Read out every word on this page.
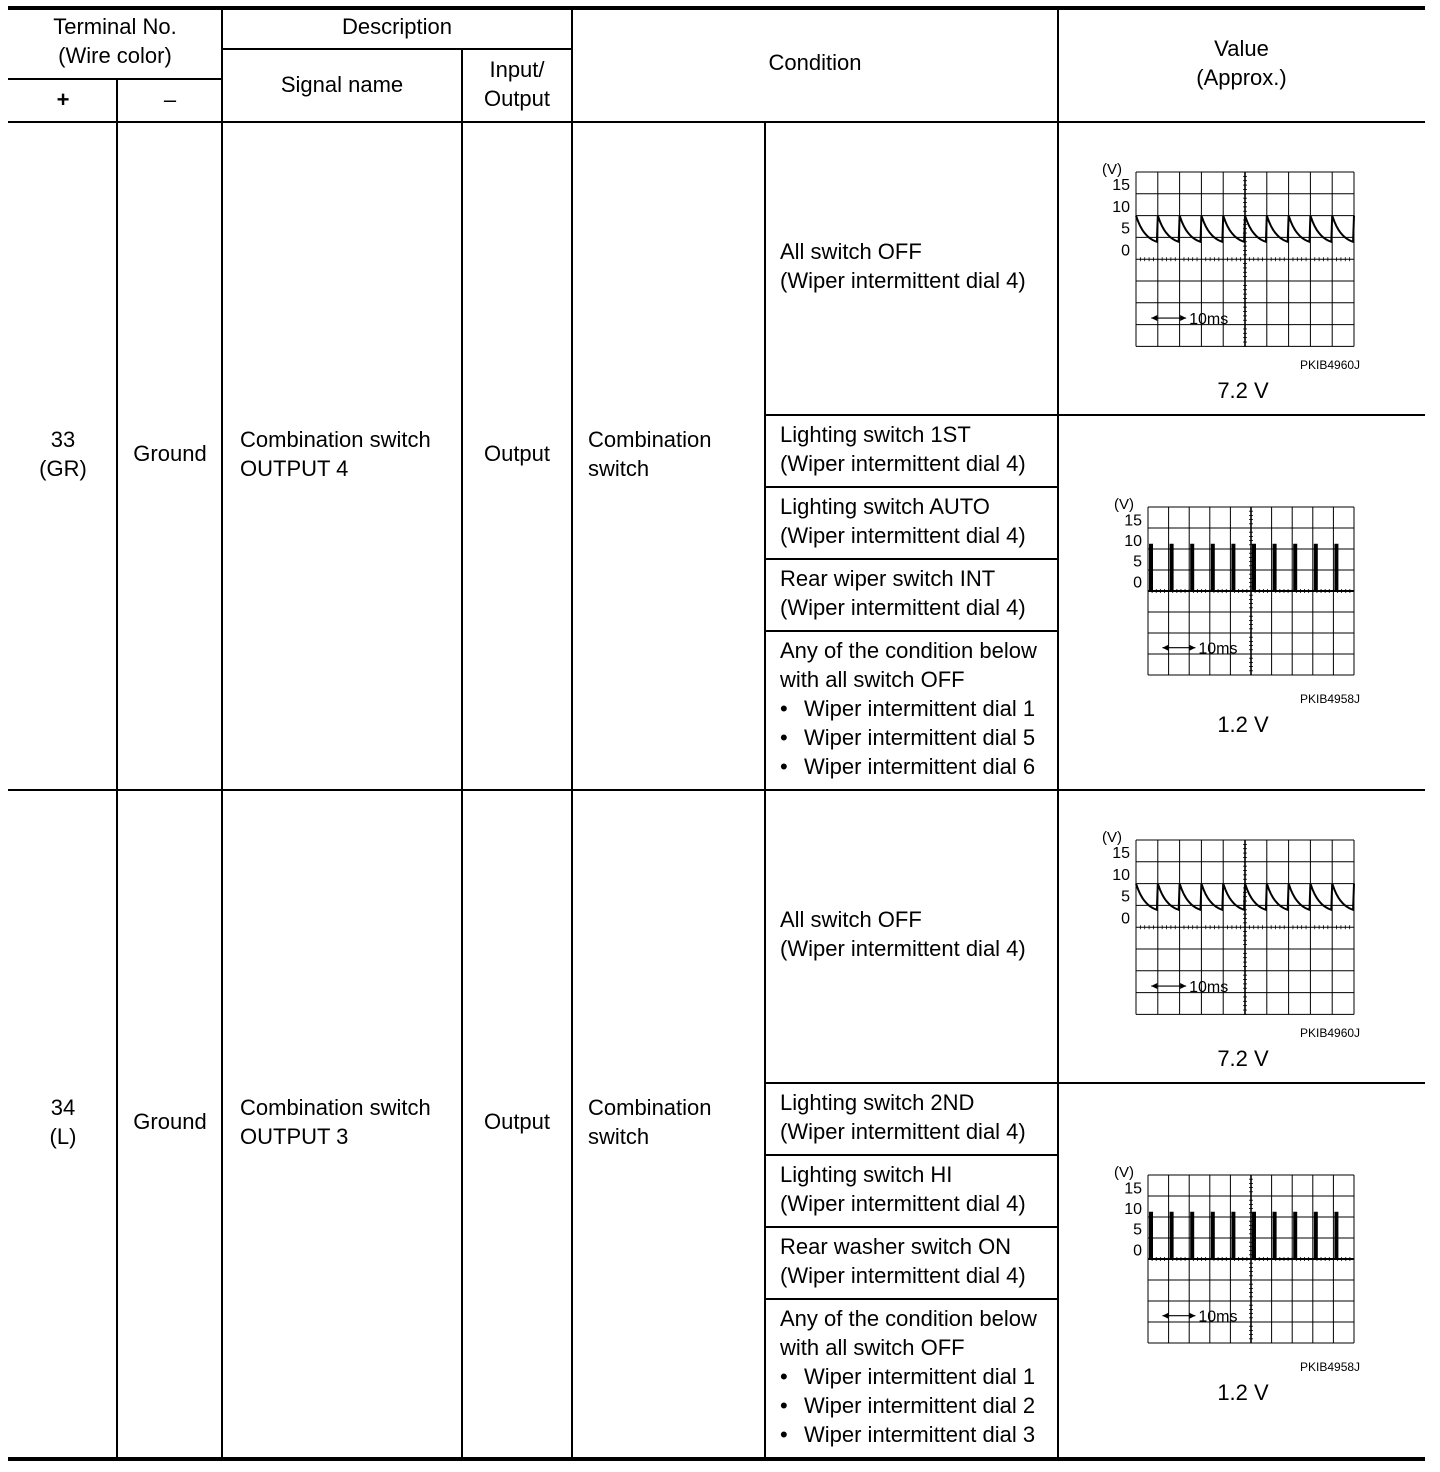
Terminal No.
(Wire color)
+	–
Description
Signal name
Input/
Output
Condition
Value
(Approx.)
33
(GR)
Ground
Combination switch
OUTPUT 4
Output
Combination
switch
All switch OFF
(Wiper intermittent dial 4)
Lighting switch 1ST
(Wiper intermittent dial 4)
Lighting switch AUTO
(Wiper intermittent dial 4)
Rear wiper switch INT
(Wiper intermittent dial 4)
Any of the condition below
with all switch OFF
• Wiper intermittent dial 1
• Wiper intermittent dial 5
• Wiper intermittent dial 6
(V)
15
10
5
0
10ms
PKIB4960J
7.2 V
(V)
15
10
5
0
10ms
PKIB4958J
1.2 V
34
(L)
Ground
Combination switch
OUTPUT 3
Output
Combination
switch
All switch OFF
(Wiper intermittent dial 4)
Lighting switch 2ND
(Wiper intermittent dial 4)
Lighting switch HI
(Wiper intermittent dial 4)
Rear washer switch ON
(Wiper intermittent dial 4)
Any of the condition below
with all switch OFF
• Wiper intermittent dial 1
• Wiper intermittent dial 2
• Wiper intermittent dial 3
(V)
15
10
5
0
10ms
PKIB4960J
7.2 V
(V)
15
10
5
0
10ms
PKIB4958J
1.2 V
